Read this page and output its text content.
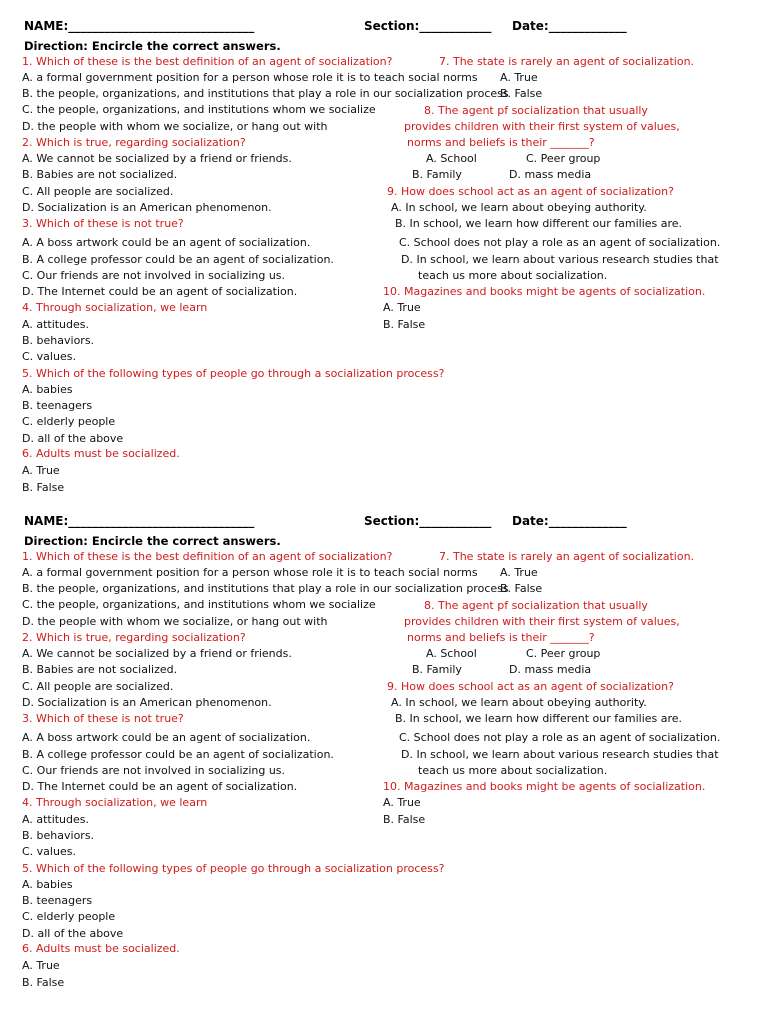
NAME:_______________________________	Section:____________ Date:_____________
Direction: Encircle the correct answers.
1. Which of these is the best definition of an agent of socialization?
A. a formal government position for a person whose role it is to teach social norms
B. the people, organizations, and institutions that play a role in our socialization process
C. the people, organizations, and institutions whom we socialize
D. the people with whom we socialize, or hang out with
2. Which is true, regarding socialization?
A. We cannot be socialized by a friend or friends.
B. Babies are not socialized.
C. All people are socialized.
D. Socialization is an American phenomenon.
3. Which of these is not true?
A. A boss artwork could be an agent of socialization.
B. A college professor could be an agent of socialization.
C. Our friends are not involved in socializing us.
D. The Internet could be an agent of socialization.
4. Through socialization, we learn
A. attitudes.
B. behaviors.
C. values.
5. Which of the following types of people go through a socialization process?
A. babies
B. teenagers
C. elderly people
D. all of the above
6. Adults must be socialized.
A. True
B. False
7. The state is rarely an agent of socialization.
A. True
B. False
8. The agent pf socialization that usually
provides children with their first system of values,
norms and beliefs is their _______?
A. School	C. Peer group
B. Family	D. mass media
9. How does school act as an agent of socialization?
A. In school, we learn about obeying authority.
B. In school, we learn how different our families are.
C. School does not play a role as an agent of socialization.
D. In school, we learn about various research studies that
teach us more about socialization.
10. Magazines and books might be agents of socialization.
A. True
B. False
NAME:_______________________________	Section:____________ Date:_____________
Direction: Encircle the correct answers.
1. Which of these is the best definition of an agent of socialization?
A. a formal government position for a person whose role it is to teach social norms
B. the people, organizations, and institutions that play a role in our socialization process
C. the people, organizations, and institutions whom we socialize
D. the people with whom we socialize, or hang out with
2. Which is true, regarding socialization?
A. We cannot be socialized by a friend or friends.
B. Babies are not socialized.
C. All people are socialized.
D. Socialization is an American phenomenon.
3. Which of these is not true?
A. A boss artwork could be an agent of socialization.
B. A college professor could be an agent of socialization.
C. Our friends are not involved in socializing us.
D. The Internet could be an agent of socialization.
4. Through socialization, we learn
A. attitudes.
B. behaviors.
C. values.
5. Which of the following types of people go through a socialization process?
A. babies
B. teenagers
C. elderly people
D. all of the above
6. Adults must be socialized.
A. True
B. False
7. The state is rarely an agent of socialization.
A. True
B. False
8. The agent pf socialization that usually
provides children with their first system of values,
norms and beliefs is their _______?
A. School	C. Peer group
B. Family	D. mass media
9. How does school act as an agent of socialization?
A. In school, we learn about obeying authority.
B. In school, we learn how different our families are.
C. School does not play a role as an agent of socialization.
D. In school, we learn about various research studies that
teach us more about socialization.
10. Magazines and books might be agents of socialization.
A. True
B. False
